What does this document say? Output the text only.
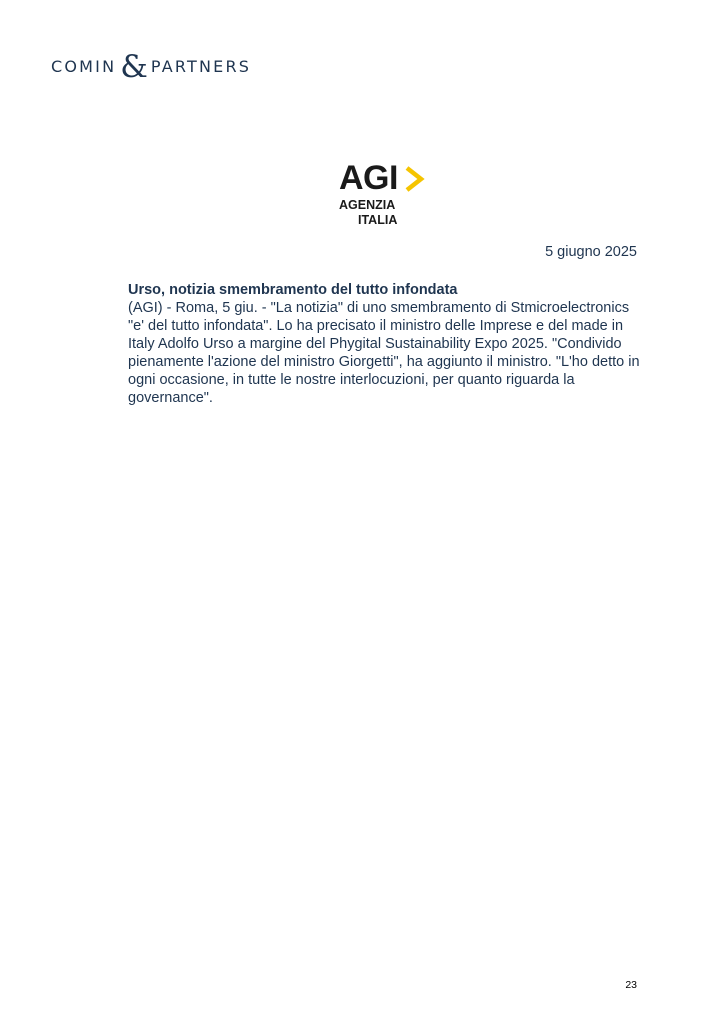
COMIN & PARTNERS
AGI
AGENZIA
ITALIA
5 giugno 2025

Urso, notizia smembramento del tutto infondata

(AGI) - Roma, 5 giu. - "La notizia" di uno smembramento di Stmicroelectronics "e' del tutto infondata". Lo ha precisato il ministro delle Imprese e del made in Italy Adolfo Urso a margine del Phygital Sustainability Expo 2025. "Condivido pienamente l'azione del ministro Giorgetti", ha aggiunto il ministro. "L'ho detto in ogni occasione, in tutte le nostre interlocuzioni, per quanto riguarda la governance".

23
